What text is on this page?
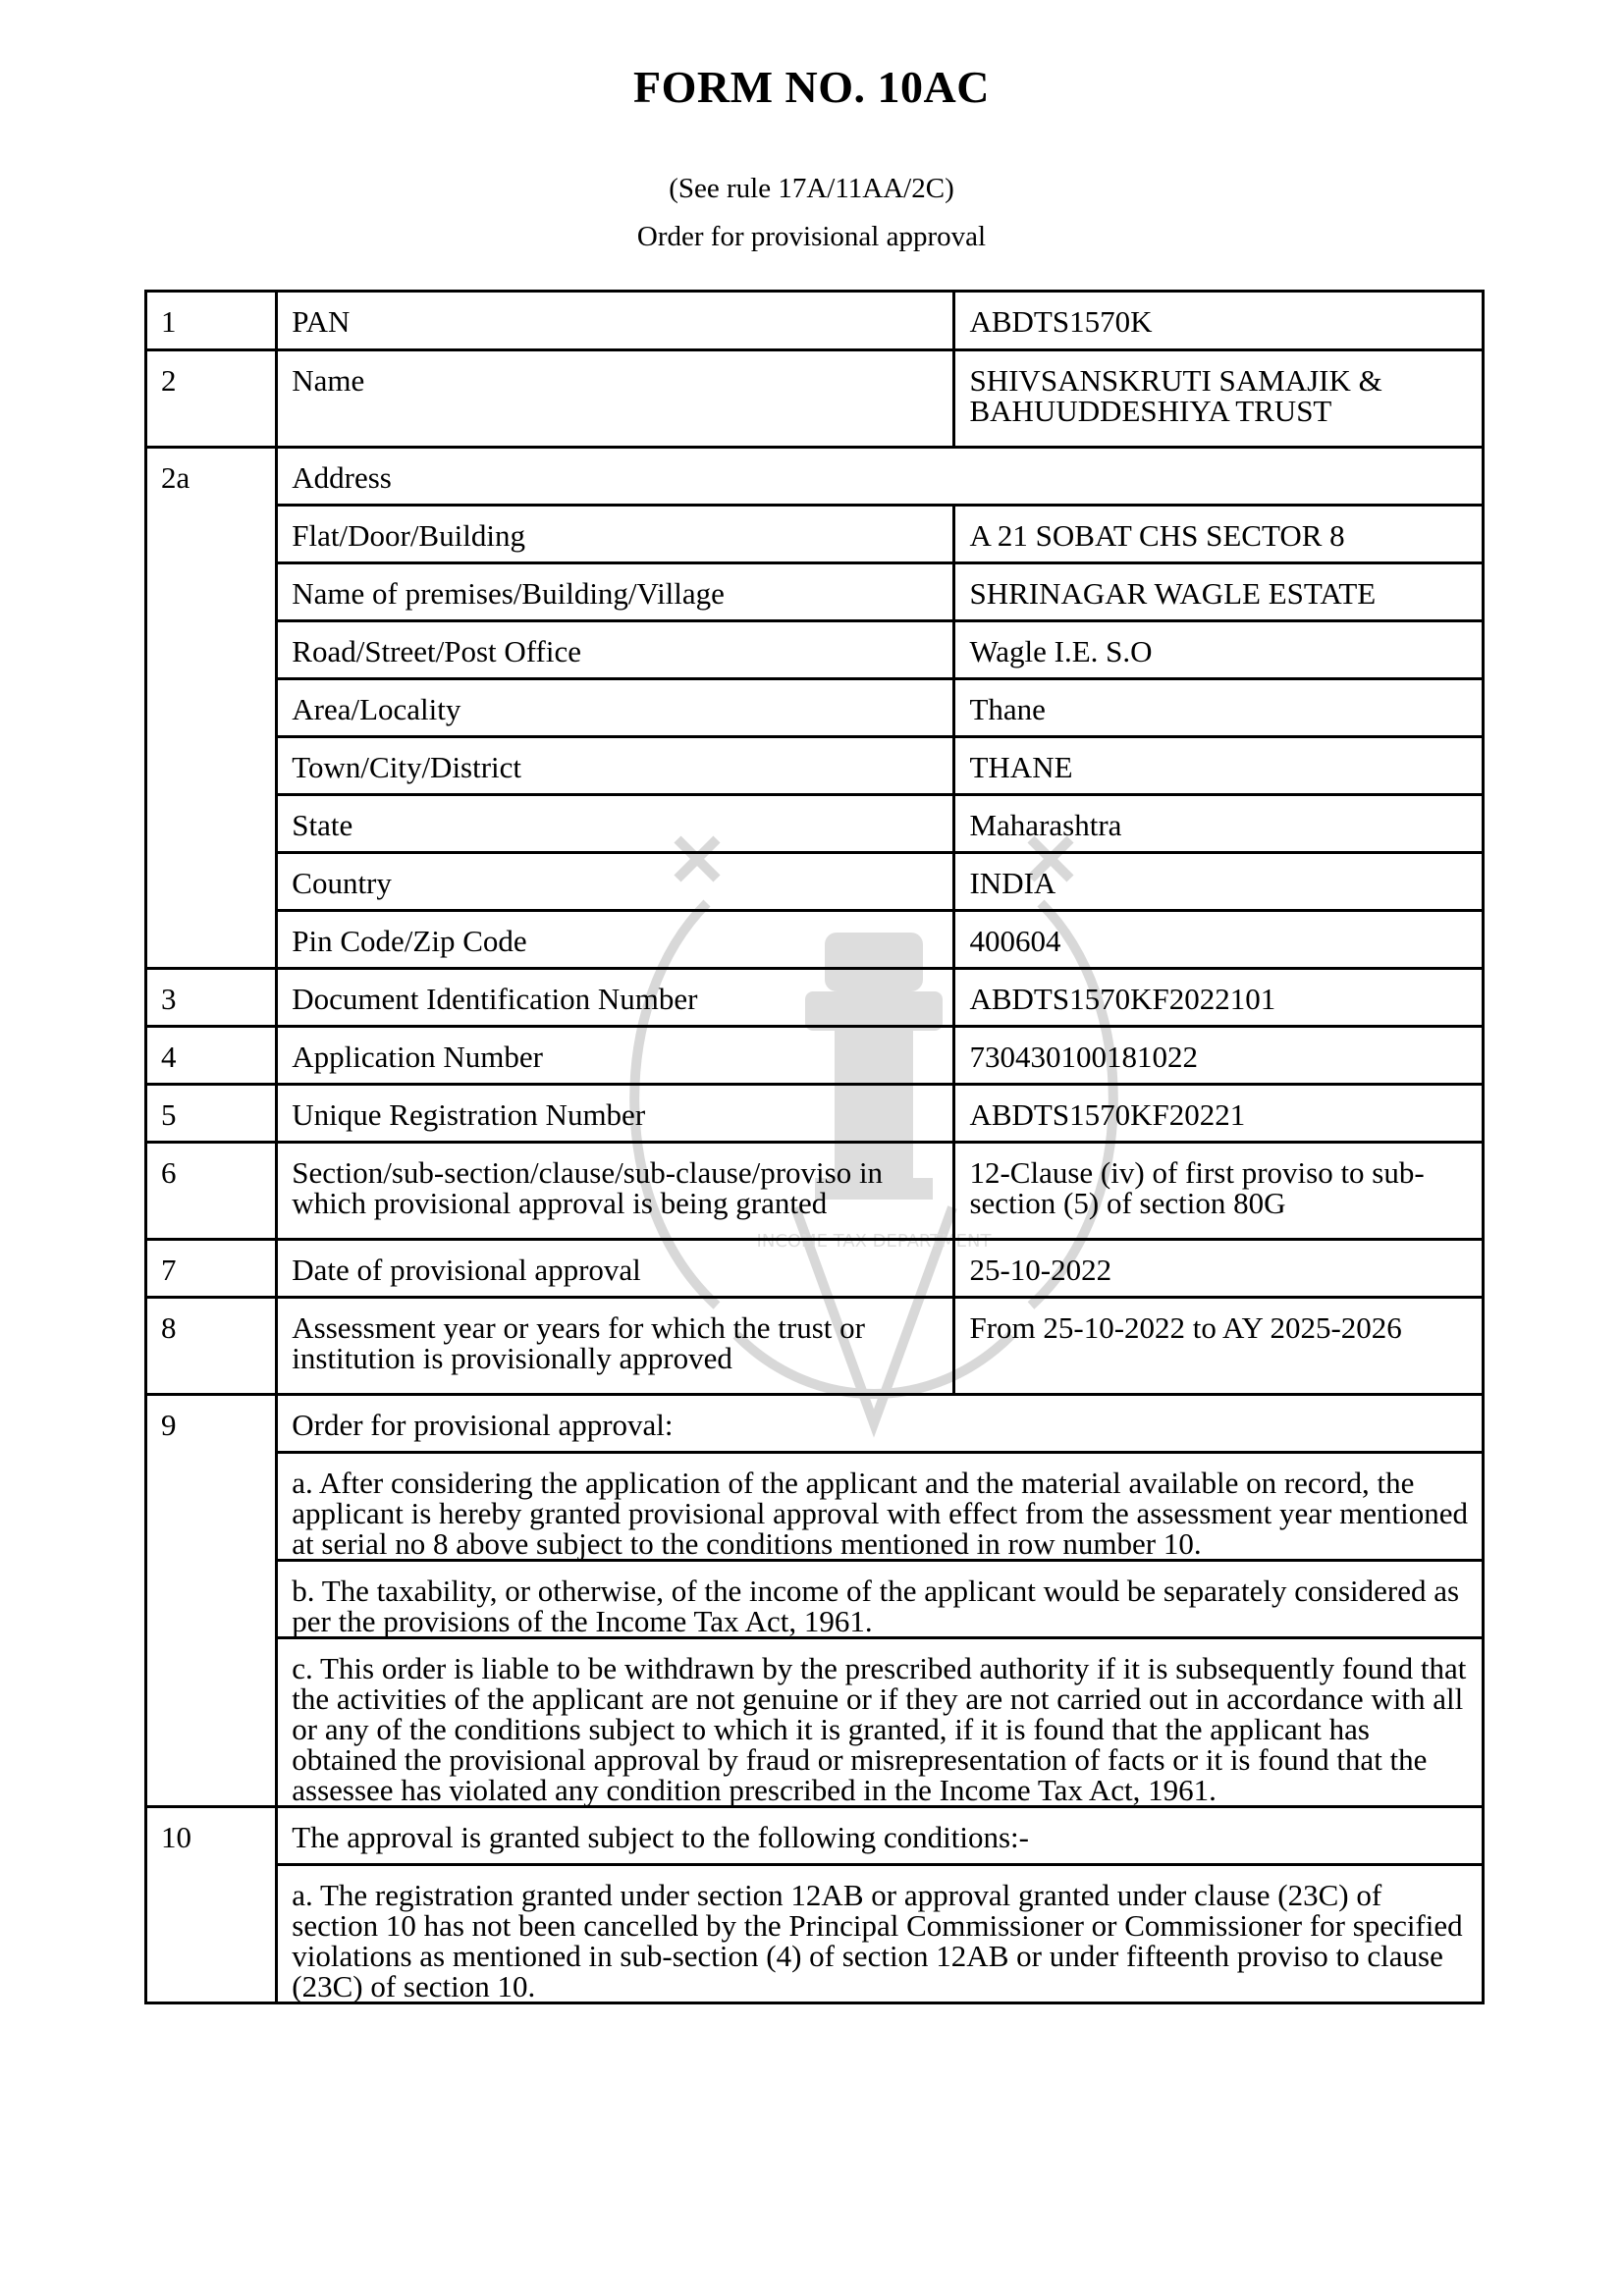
FORM NO. 10AC
(See rule 17A/11AA/2C)
Order for provisional approval
INCOME TAX DEPARTMENT
1	PAN	ABDTS1570K
2	Name	SHIVSANSKRUTI SAMAJIK & BAHUUDDESHIYA TRUST
2a	Address	
	Flat/Door/Building	A 21 SOBAT CHS SECTOR 8
	Name of premises/Building/Village	SHRINAGAR WAGLE ESTATE
	Road/Street/Post Office	Wagle I.E. S.O
	Area/Locality	Thane
	Town/City/District	THANE
	State	Maharashtra
	Country	INDIA
	Pin Code/Zip Code	400604
3	Document Identification Number	ABDTS1570KF2022101
4	Application Number	730430100181022
5	Unique Registration Number	ABDTS1570KF20221
6	Section/sub-section/clause/sub-clause/proviso in which provisional approval is being granted	12-Clause (iv) of first proviso to sub-section (5) of section 80G
7	Date of provisional approval	25-10-2022
8	Assessment year or years for which the trust or institution is provisionally approved	From 25-10-2022 to AY 2025-2026
9	Order for provisional approval:	
	a. After considering the application of the applicant and the material available on record, the applicant is hereby granted provisional approval with effect from the assessment year mentioned at serial no 8 above subject to the conditions mentioned in row number 10.	
	b. The taxability, or otherwise, of the income of the applicant would be separately considered as per the provisions of the Income Tax Act, 1961.	
	c. This order is liable to be withdrawn by the prescribed authority if it is subsequently found that the activities of the applicant are not genuine or if they are not carried out in accordance with all or any of the conditions subject to which it is granted, if it is found that the applicant has obtained the provisional approval by fraud or misrepresentation of facts or it is found that the assessee has violated any condition prescribed in the Income Tax Act, 1961.	
10	The approval is granted subject to the following conditions:-	
	a. The registration granted under section 12AB or approval granted under clause (23C) of section 10 has not been cancelled by the Principal Commissioner or Commissioner for specified violations as mentioned in sub-section (4) of section 12AB or under fifteenth proviso to clause (23C) of section 10.	
